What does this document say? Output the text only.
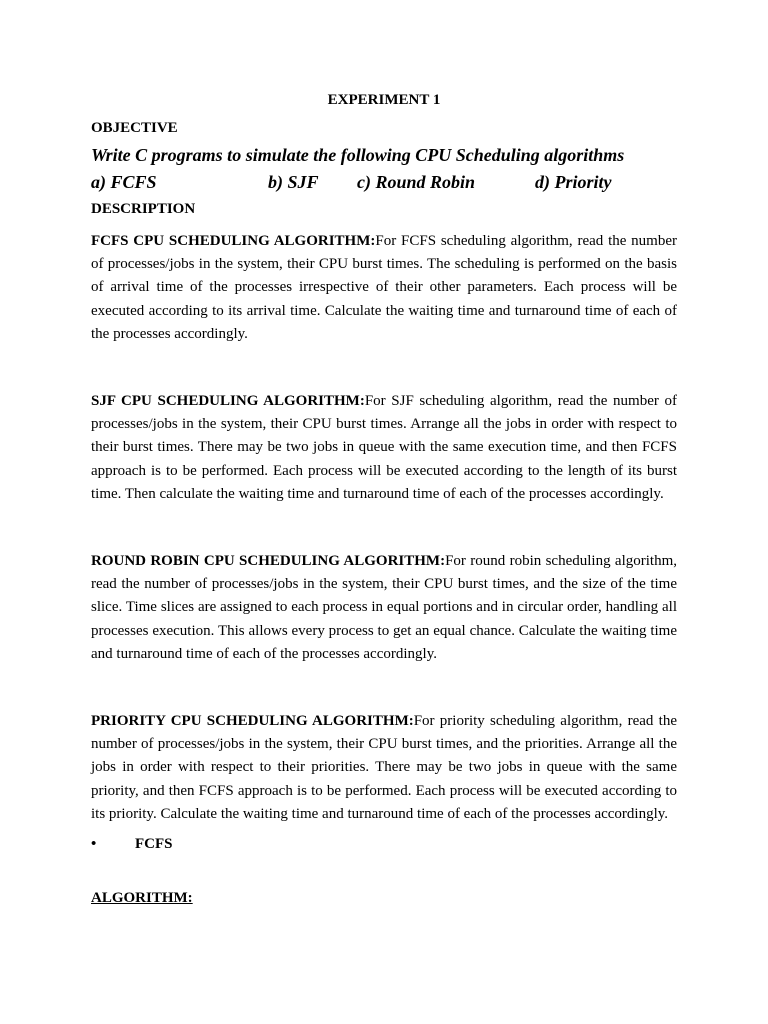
EXPERIMENT 1
OBJECTIVE
Write C programs to simulate the following CPU Scheduling algorithms
a) FCFS	b) SJF c) Round Robin	d) Priority
DESCRIPTION

FCFS CPU SCHEDULING ALGORITHM:For FCFS scheduling algorithm, read the number of processes/jobs in the system, their CPU burst times. The scheduling is performed on the basis of arrival time of the processes irrespective of their other parameters. Each process will be executed according to its arrival time. Calculate the waiting time and turnaround time of each of the processes accordingly.

SJF CPU SCHEDULING ALGORITHM:For SJF scheduling algorithm, read the number of processes/jobs in the system, their CPU burst times. Arrange all the jobs in order with respect to their burst times. There may be two jobs in queue with the same execution time, and then FCFS approach is to be performed. Each process will be executed according to the length of its burst time. Then calculate the waiting time and turnaround time of each of the processes accordingly.

ROUND ROBIN CPU SCHEDULING ALGORITHM:For round robin scheduling algorithm, read the number of processes/jobs in the system, their CPU burst times, and the size of the time slice. Time slices are assigned to each process in equal portions and in circular order, handling all processes execution. This allows every process to get an equal chance. Calculate the waiting time and turnaround time of each of the processes accordingly.

PRIORITY CPU SCHEDULING ALGORITHM:For priority scheduling algorithm, read the number of processes/jobs in the system, their CPU burst times, and the priorities. Arrange all the jobs in order with respect to their priorities. There may be two jobs in queue with the same priority, and then FCFS approach is to be performed. Each process will be executed according to its priority. Calculate the waiting time and turnaround time of each of the processes accordingly.

•	FCFS
ALGORITHM:
